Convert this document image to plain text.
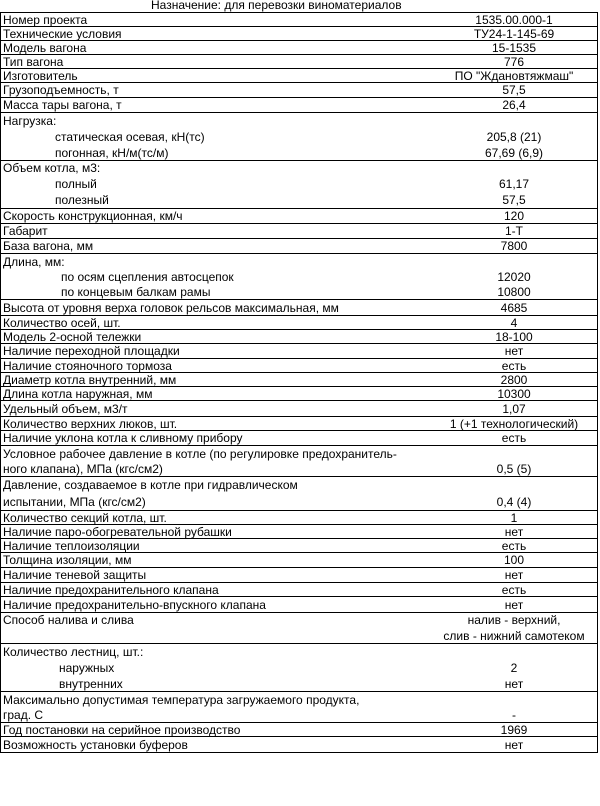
Назначение: для перевозки виноматериалов
Номер проекта	1535.00.000-1
Технические условия	ТУ24-1-145-69
Модель вагона	15-1535
Тип вагона	776
Изготовитель	ПО "Ждановтяжмаш"
Грузоподъемность, т	57,5
Масса тары вагона, т	26,4
Нагрузка:
статическая осевая, кН(тс)	205,8 (21)
погонная, кН/м(тс/м)	67,69 (6,9)
Объем котла, м3:
полный	61,17
полезный	57,5
Скорость конструкционная, км/ч	120
Габарит	1-Т
База вагона, мм	7800
Длина, мм:
по осям сцепления автосцепок	12020
по концевым балкам рамы	10800
Высота от уровня верха головок рельсов максимальная, мм	4685
Количество осей, шт.	4
Модель 2-осной тележки	18-100
Наличие переходной площадки	нет
Наличие стояночного тормоза	есть
Диаметр котла внутренний, мм	2800
Длина котла наружная, мм	10300
Удельный объем, м3/т	1,07
Количество верхних люков, шт.	1 (+1 технологический)
Наличие уклона котла к сливному прибору	есть
Условное рабочее давление в котле (по регулировке предохранитель-
ного клапана), МПа (кгс/см2)	0,5 (5)
Давление, создаваемое в котле при гидравлическом
испытании, МПа (кгс/см2)	0,4 (4)
Количество секций котла, шт.	1
Наличие паро-обогревательной рубашки	нет
Наличие теплоизоляции	есть
Толщина изоляции, мм	100
Наличие теневой защиты	нет
Наличие предохранительного клапана	есть
Наличие предохранительно-впускного клапана	нет
Способ налива и слива	налив - верхний,
слив - нижний самотеком
Количество лестниц, шт.:
наружных	2
внутренних	нет
Максимально допустимая температура загружаемого продукта,
град. С	-
Год постановки на серийное производство	1969
Возможность установки буферов	нет
